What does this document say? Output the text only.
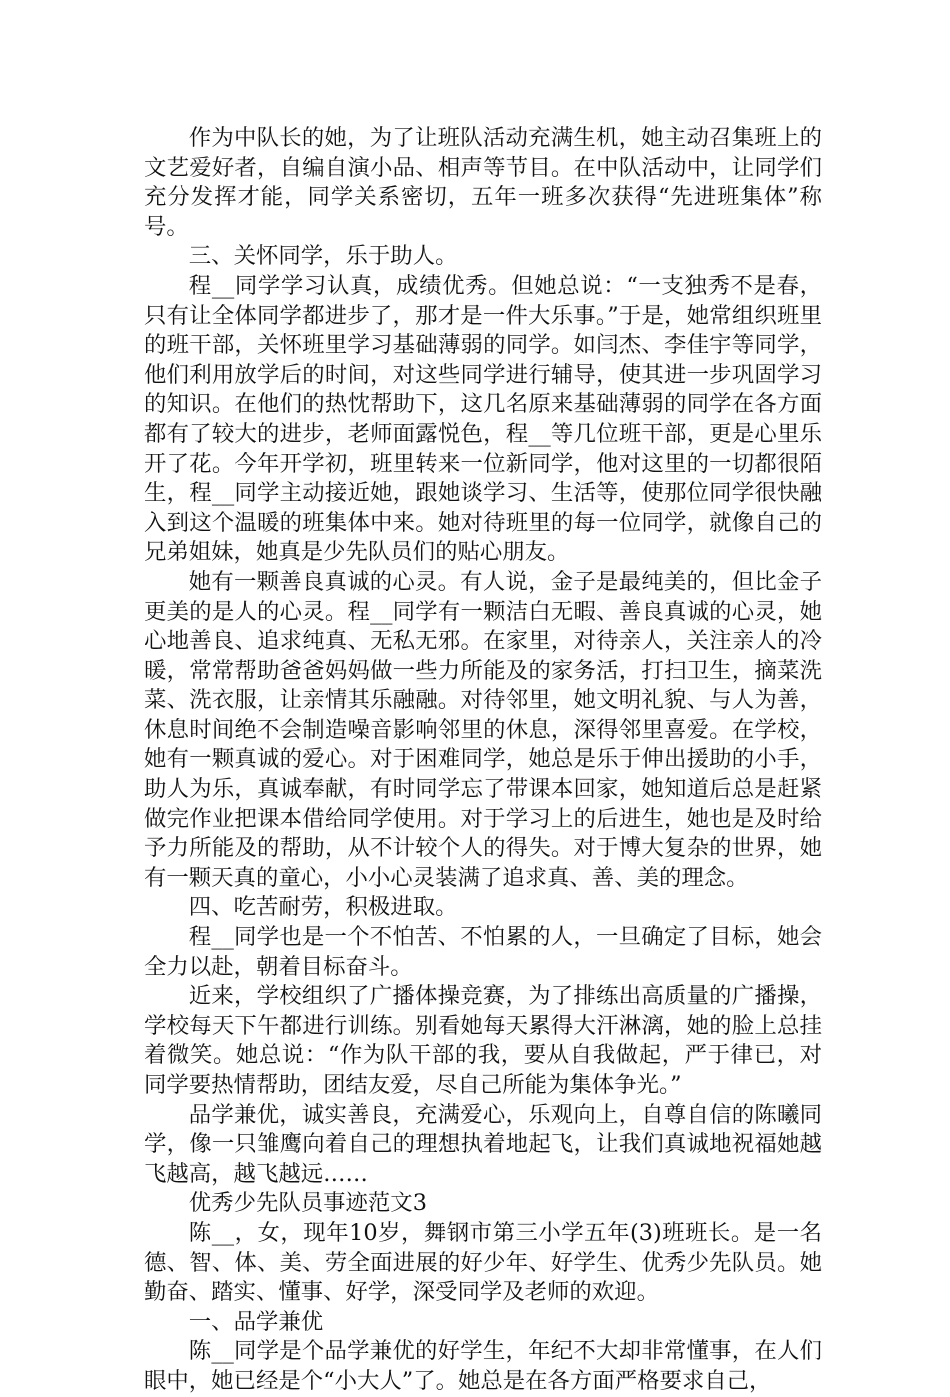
作为中队长的她，为了让班队活动充满生机，她主动召集班上的文艺爱好者，自编自演小品、相声等节目。在中队活动中，让同学们充分发挥才能，同学关系密切，五年一班多次获得“先进班集体”称号。

三、关怀同学，乐于助人。

程__同学学习认真，成绩优秀。但她总说：“一支独秀不是春，只有让全体同学都进步了，那才是一件大乐事。”于是，她常组织班里的班干部，关怀班里学习基础薄弱的同学。如闫杰、李佳宇等同学，他们利用放学后的时间，对这些同学进行辅导，使其进一步巩固学习的知识。在他们的热忱帮助下，这几名原来基础薄弱的同学在各方面都有了较大的进步，老师面露悦色，程__等几位班干部，更是心里乐开了花。今年开学初，班里转来一位新同学，他对这里的一切都很陌生，程__同学主动接近她，跟她谈学习、生活等，使那位同学很快融入到这个温暖的班集体中来。她对待班里的每一位同学，就像自己的兄弟姐妹，她真是少先队员们的贴心朋友。

她有一颗善良真诚的心灵。有人说，金子是最纯美的，但比金子更美的是人的心灵。程__同学有一颗洁白无暇、善良真诚的心灵，她心地善良、追求纯真、无私无邪。在家里，对待亲人，关注亲人的冷暖，常常帮助爸爸妈妈做一些力所能及的家务活，打扫卫生，摘菜洗菜、洗衣服，让亲情其乐融融。对待邻里，她文明礼貌、与人为善，休息时间绝不会制造噪音影响邻里的休息，深得邻里喜爱。在学校，她有一颗真诚的爱心。对于困难同学，她总是乐于伸出援助的小手，助人为乐，真诚奉献，有时同学忘了带课本回家，她知道后总是赶紧做完作业把课本借给同学使用。对于学习上的后进生，她也是及时给予力所能及的帮助，从不计较个人的得失。对于博大复杂的世界，她有一颗天真的童心，小小心灵装满了追求真、善、美的理念。

四、吃苦耐劳，积极进取。

程__同学也是一个不怕苦、不怕累的人，一旦确定了目标，她会全力以赴，朝着目标奋斗。

近来，学校组织了广播体操竞赛，为了排练出高质量的广播操，学校每天下午都进行训练。别看她每天累得大汗淋漓，她的脸上总挂着微笑。她总说：“作为队干部的我，要从自我做起，严于律已，对同学要热情帮助，团结友爱，尽自己所能为集体争光。”

品学兼优，诚实善良，充满爱心，乐观向上，自尊自信的陈曦同学，像一只雏鹰向着自己的理想执着地起飞，让我们真诚地祝福她越飞越高，越飞越远……

优秀少先队员事迹范文3

陈__，女，现年10岁，舞钢市第三小学五年(3)班班长。是一名德、智、体、美、劳全面进展的好少年、好学生、优秀少先队员。她勤奋、踏实、懂事、好学，深受同学及老师的欢迎。

一、品学兼优

陈__同学是个品学兼优的好学生，年纪不大却非常懂事，在人们眼中，她已经是个“小大人”了。她总是在各方面严格要求自己，
